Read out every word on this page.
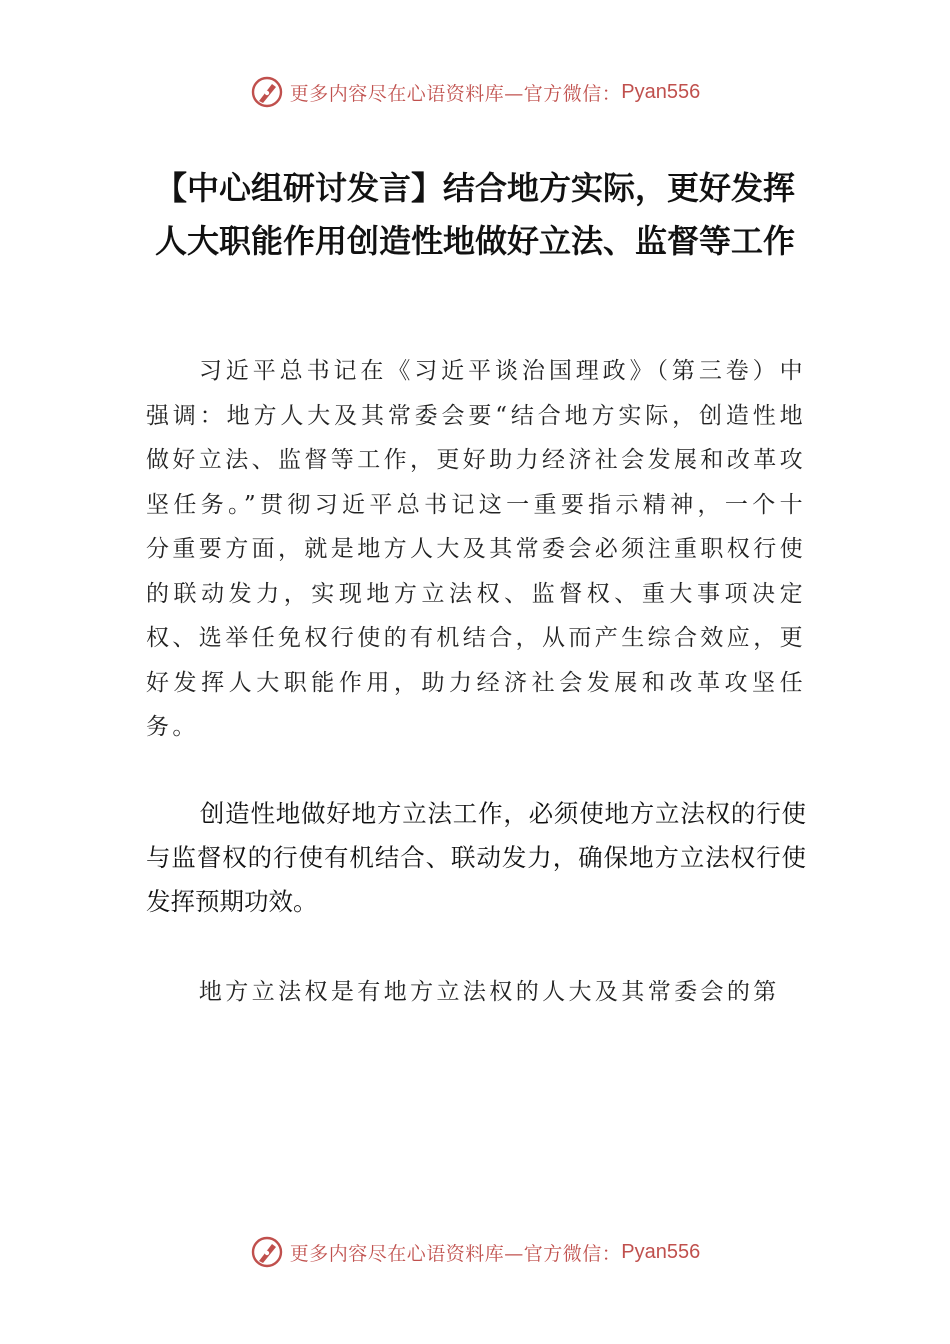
更多内容尽在心语资料库—官方微信： Pyan556
【中心组研讨发言】结合地方实际，更好发挥人大职能作用创造性地做好立法、监督等工作

习近平总书记在《习近平谈治国理政》（第三卷）中强调：地方人大及其常委会要“结合地方实际，创造性地做好立法、监督等工作，更好助力经济社会发展和改革攻坚任务。”贯彻习近平总书记这一重要指示精神，一个十分重要方面，就是地方人大及其常委会必须注重职权行使的联动发力，实现地方立法权、监督权、重大事项决定权、选举任免权行使的有机结合，从而产生综合效应，更好发挥人大职能作用，助力经济社会发展和改革攻坚任务。

创造性地做好地方立法工作，必须使地方立法权的行使与监督权的行使有机结合、联动发力，确保地方立法权行使发挥预期功效。

地方立法权是有地方立法权的人大及其常委会的第

更多内容尽在心语资料库—官方微信： Pyan556
